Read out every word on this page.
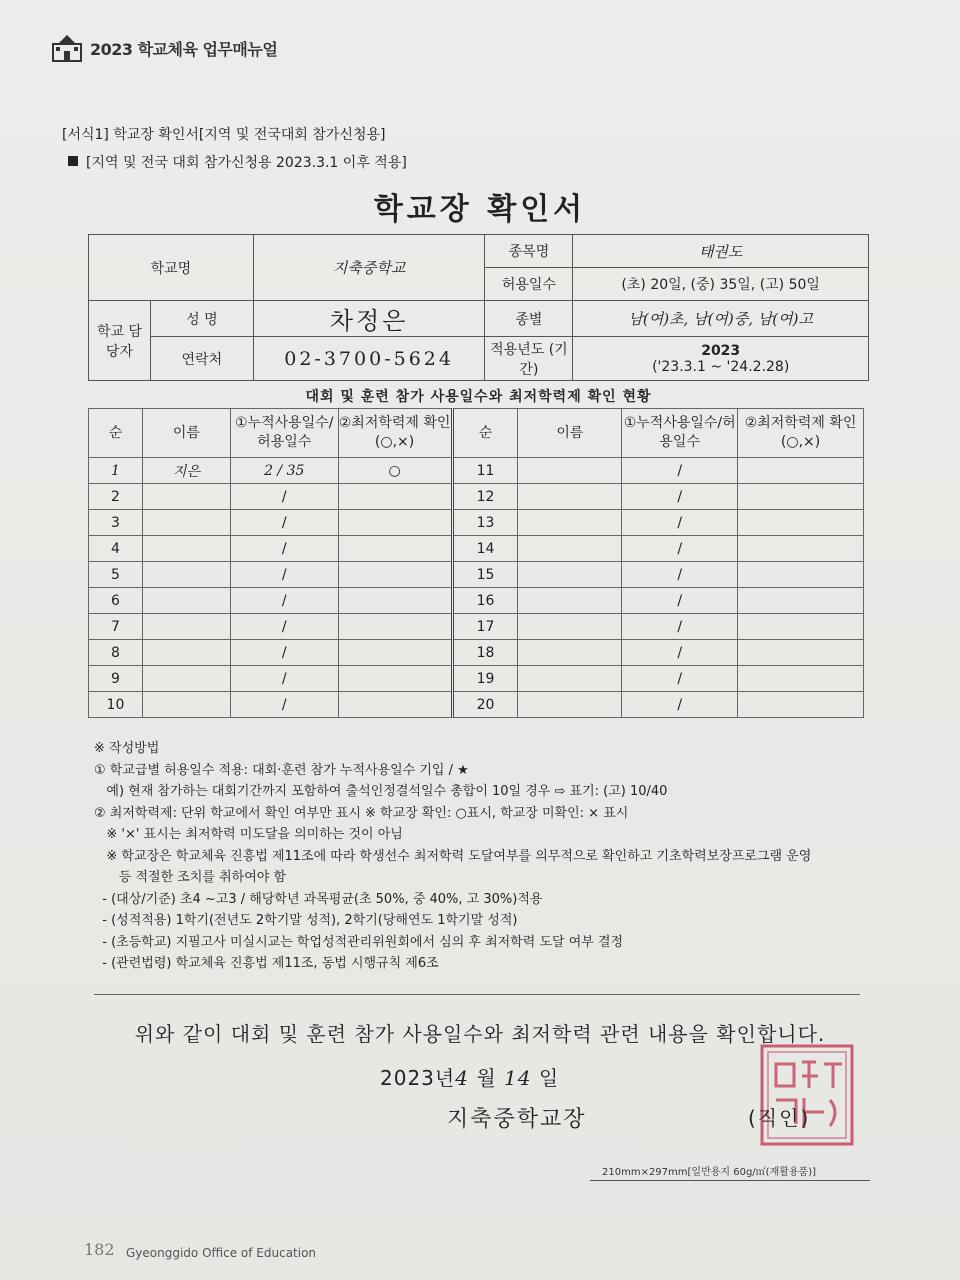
2023 학교체육 업무매뉴얼
[서식1] 학교장 확인서[지역 및 전국대회 참가신청용]
[지역 및 전국 대회 참가신청용 2023.3.1 이후 적용]
학교장 확인서
학교명		지축중학교	종목명	태권도
			허용일수	(초) 20일, (중) 35일, (고) 50일
학교 담당자	성 명	차정은	종별	남(여)초, 남(여)중, 남(여)고
	연락처	02-3700-5624	적용년도 (기간)	2023
('23.3.1 ~ '24.2.28)
대회 및 훈련 참가 사용일수와 최저학력제 확인 현황
순	이름	①누적사용일수/허용일수	②최저학력제 확인(○,×)	순	이름	①누적사용일수/허용일수	②최저학력제 확인(○,×)
1	지은	2 / 35	○	11		/	
2		/		12		/	
3		/		13		/	
4		/		14		/	
5		/		15		/	
6		/		16		/	
7		/		17		/	
8		/		18		/	
9		/		19		/	
10		/		20		/	
※ 작성방법
① 학교급별 허용일수 적용: 대회·훈련 참가 누적사용일수 기입 / ★
예) 현재 참가하는 대회기간까지 포함하여 출석인정결석일수 총합이 10일 경우 ⇨ 표기: (고) 10/40
② 최저학력제: 단위 학교에서 확인 여부만 표시 ※ 학교장 확인: ○표시, 학교장 미확인: × 표시
※ '×' 표시는 최저학력 미도달을 의미하는 것이 아님
※ 학교장은 학교체육 진흥법 제11조에 따라 학생선수 최저학력 도달여부를 의무적으로 확인하고 기초학력보장프로그램 운영
등 적절한 조치를 취하여야 함
- (대상/기준) 초4 ~고3 / 해당학년 과목평균(초 50%, 중 40%, 고 30%)적용
- (성적적용) 1학기(전년도 2학기말 성적), 2학기(당해연도 1학기말 성적)
- (초등학교) 지필고사 미실시교는 학업성적관리위원회에서 심의 후 최저학력 도달 여부 결정
- (관련법령) 학교체육 진흥법 제11조, 동법 시행규칙 제6조
위와 같이 대회 및 훈련 참가 사용일수와 최저학력 관련 내용을 확인합니다.
2023년4 월 14 일
지축중학교장	(직인)
210mm×297mm[일반용지 60g/㎡(재활용품)]
182 Gyeonggido Office of Education
